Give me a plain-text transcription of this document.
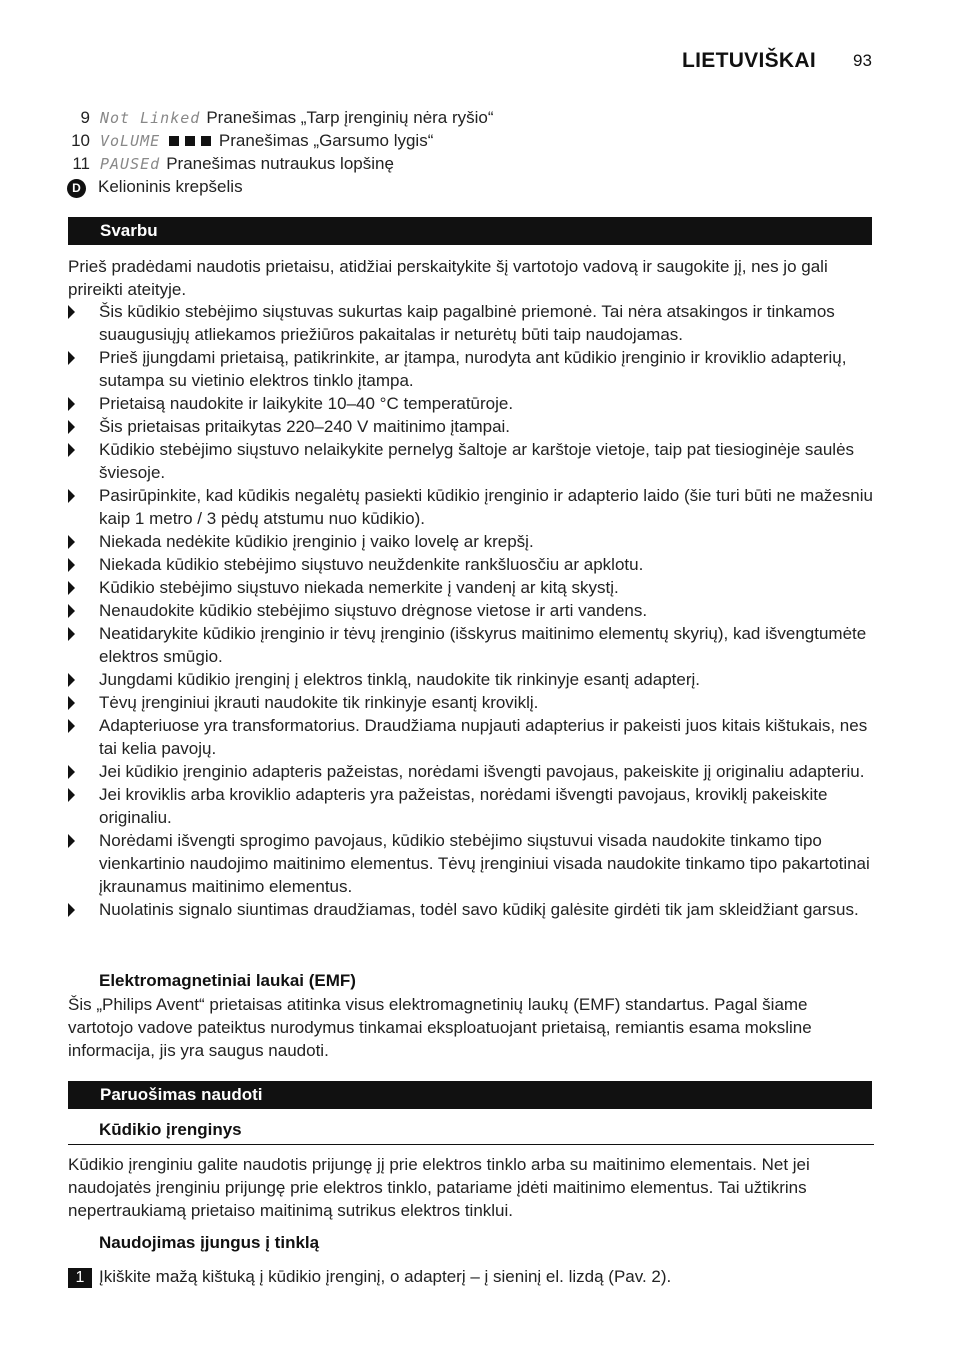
LIETUVIŠKAI 93
9 Not Linked Pranešimas „Tarp įrenginių nėra ryšio“
10 VoLUME	Pranešimas „Garsumo lygis“
11 PAUSEd Pranešimas nutraukus lopšinę
D Kelioninis krepšelis
Svarbu
Prieš pradėdami naudotis prietaisu, atidžiai perskaitykite šį vartotojo vadovą ir saugokite jį, nes jo gali prireikti ateityje.
Šis kūdikio stebėjimo siųstuvas sukurtas kaip pagalbinė priemonė. Tai nėra atsakingos ir tinkamos suaugusiųjų atliekamos priežiūros pakaitalas ir neturėtų būti taip naudojamas.
Prieš įjungdami prietaisą, patikrinkite, ar įtampa, nurodyta ant kūdikio įrenginio ir kroviklio adapterių, sutampa su vietinio elektros tinklo įtampa.
Prietaisą naudokite ir laikykite 10–40 °C temperatūroje.
Šis prietaisas pritaikytas 220–240 V maitinimo įtampai.
Kūdikio stebėjimo siųstuvo nelaikykite pernelyg šaltoje ar karštoje vietoje, taip pat tiesioginėje saulės šviesoje.
Pasirūpinkite, kad kūdikis negalėtų pasiekti kūdikio įrenginio ir adapterio laido (šie turi būti ne mažesniu kaip 1 metro / 3 pėdų atstumu nuo kūdikio).
Niekada nedėkite kūdikio įrenginio į vaiko lovelę ar krepšį.
Niekada kūdikio stebėjimo siųstuvo neuždenkite rankšluosčiu ar apklotu.
Kūdikio stebėjimo siųstuvo niekada nemerkite į vandenį ar kitą skystį.
Nenaudokite kūdikio stebėjimo siųstuvo drėgnose vietose ir arti vandens.
Neatidarykite kūdikio įrenginio ir tėvų įrenginio (išskyrus maitinimo elementų skyrių), kad išvengtumėte elektros smūgio.
Jungdami kūdikio įrenginį į elektros tinklą, naudokite tik rinkinyje esantį adapterį.
Tėvų įrenginiui įkrauti naudokite tik rinkinyje esantį kroviklį.
Adapteriuose yra transformatorius. Draudžiama nupjauti adapterius ir pakeisti juos kitais kištukais, nes tai kelia pavojų.
Jei kūdikio įrenginio adapteris pažeistas, norėdami išvengti pavojaus, pakeiskite jį originaliu adapteriu.
Jei kroviklis arba kroviklio adapteris yra pažeistas, norėdami išvengti pavojaus, kroviklį pakeiskite originaliu.
Norėdami išvengti sprogimo pavojaus, kūdikio stebėjimo siųstuvui visada naudokite tinkamo tipo vienkartinio naudojimo maitinimo elementus. Tėvų įrenginiui visada naudokite tinkamo tipo pakartotinai įkraunamus maitinimo elementus.
Nuolatinis signalo siuntimas draudžiamas, todėl savo kūdikį galėsite girdėti tik jam skleidžiant garsus.
Elektromagnetiniai laukai (EMF)
Šis „Philips Avent“ prietaisas atitinka visus elektromagnetinių laukų (EMF) standartus. Pagal šiame vartotojo vadove pateiktus nurodymus tinkamai eksploatuojant prietaisą, remiantis esama moksline informacija, jis yra saugus naudoti.
Paruošimas naudoti
Kūdikio įrenginys
Kūdikio įrenginiu galite naudotis prijungę jį prie elektros tinklo arba su maitinimo elementais. Net jei naudojatės įrenginiu prijungę prie elektros tinklo, patariame įdėti maitinimo elementus. Tai užtikrins nepertraukiamą prietaiso maitinimą sutrikus elektros tinklui.
Naudojimas įjungus į tinklą
1 Įkiškite mažą kištuką į kūdikio įrenginį, o adapterį – į sieninį el. lizdą (Pav. 2).
